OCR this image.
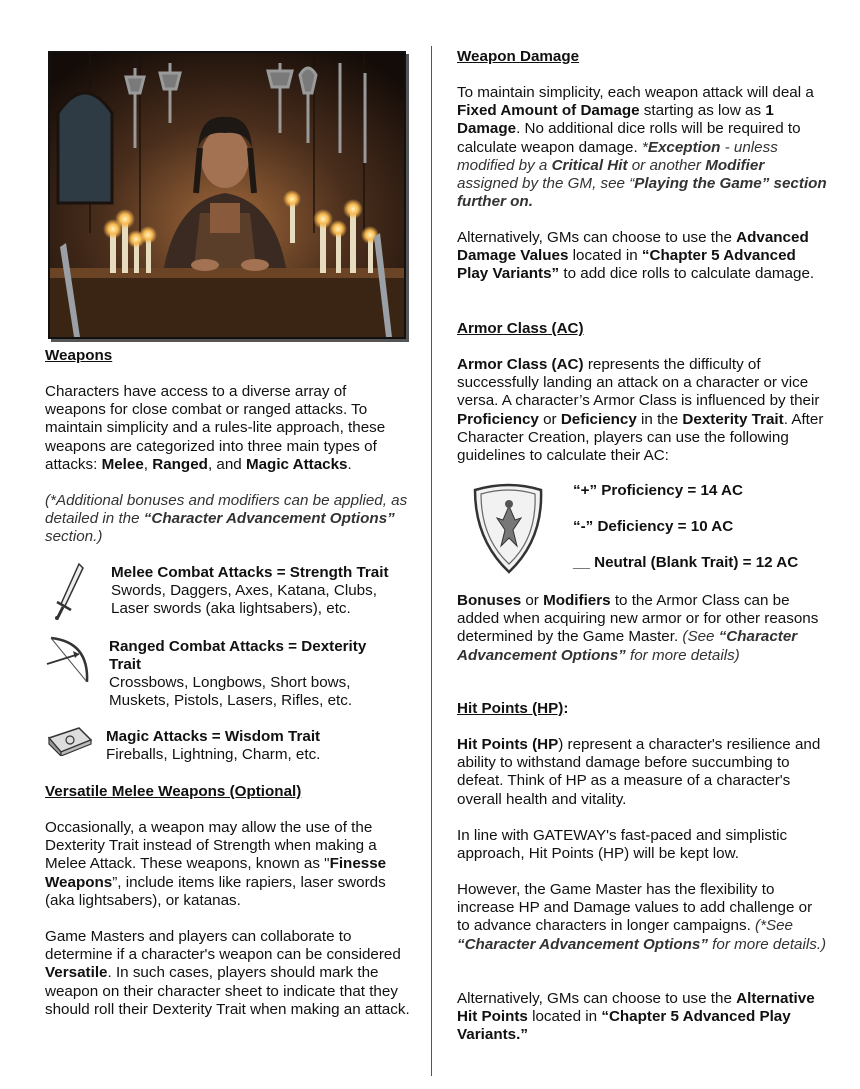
Weapons

Characters have access to a diverse array of weapons for close combat or ranged attacks. To maintain simplicity and a rules-lite approach, these weapons are categorized into three main types of attacks: Melee, Ranged, and Magic Attacks.

(*Additional bonuses and modifiers can be applied, as detailed in the “Character Advancement Options” section.)

Melee Combat Attacks = Strength Trait

Swords, Daggers, Axes, Katana, Clubs, Laser swords (aka lightsabers), etc.

Ranged Combat Attacks = Dexterity Trait

Crossbows, Longbows, Short bows, Muskets, Pistols, Lasers, Rifles, etc.

Magic Attacks = Wisdom Trait

Fireballs, Lightning, Charm, etc.

Versatile Melee Weapons (Optional)

Occasionally, a weapon may allow the use of the Dexterity Trait instead of Strength when making a Melee Attack. These weapons, known as "Finesse Weapons”, include items like rapiers, laser swords (aka lightsabers), or katanas.

Game Masters and players can collaborate to determine if a character's weapon can be considered Versatile. In such cases, players should mark the weapon on their character sheet to indicate that they should roll their Dexterity Trait when making an attack.

Weapon Damage

To maintain simplicity, each weapon attack will deal a Fixed Amount of Damage starting as low as 1 Damage. No additional dice rolls will be required to calculate weapon damage. *Exception - unless modified by a Critical Hit or another Modifier assigned by the GM, see “Playing the Game” section further on.

Alternatively, GMs can choose to use the Advanced Damage Values located in “Chapter 5 Advanced Play Variants” to add dice rolls to calculate damage.

Armor Class (AC)

Armor Class (AC) represents the difficulty of successfully landing an attack on a character or vice versa. A character’s Armor Class is influenced by their Proficiency or Deficiency in the Dexterity Trait. After Character Creation, players can use the following guidelines to calculate their AC:

“+” Proficiency = 14 AC

“-” Deficiency = 10 AC

__ Neutral (Blank Trait) = 12 AC

Bonuses or Modifiers to the Armor Class can be added when acquiring new armor or for other reasons determined by the Game Master. (See “Character Advancement Options” for more details)

Hit Points (HP):

Hit Points (HP) represent a character's resilience and ability to withstand damage before succumbing to defeat. Think of HP as a measure of a character's overall health and vitality.

In line with GATEWAY's fast-paced and simplistic approach, Hit Points (HP) will be kept low.

However, the Game Master has the flexibility to increase HP and Damage values to add challenge or to advance characters in longer campaigns. (*See “Character Advancement Options” for more details.)

Alternatively, GMs can choose to use the Alternative Hit Points located in “Chapter 5 Advanced Play Variants.”
